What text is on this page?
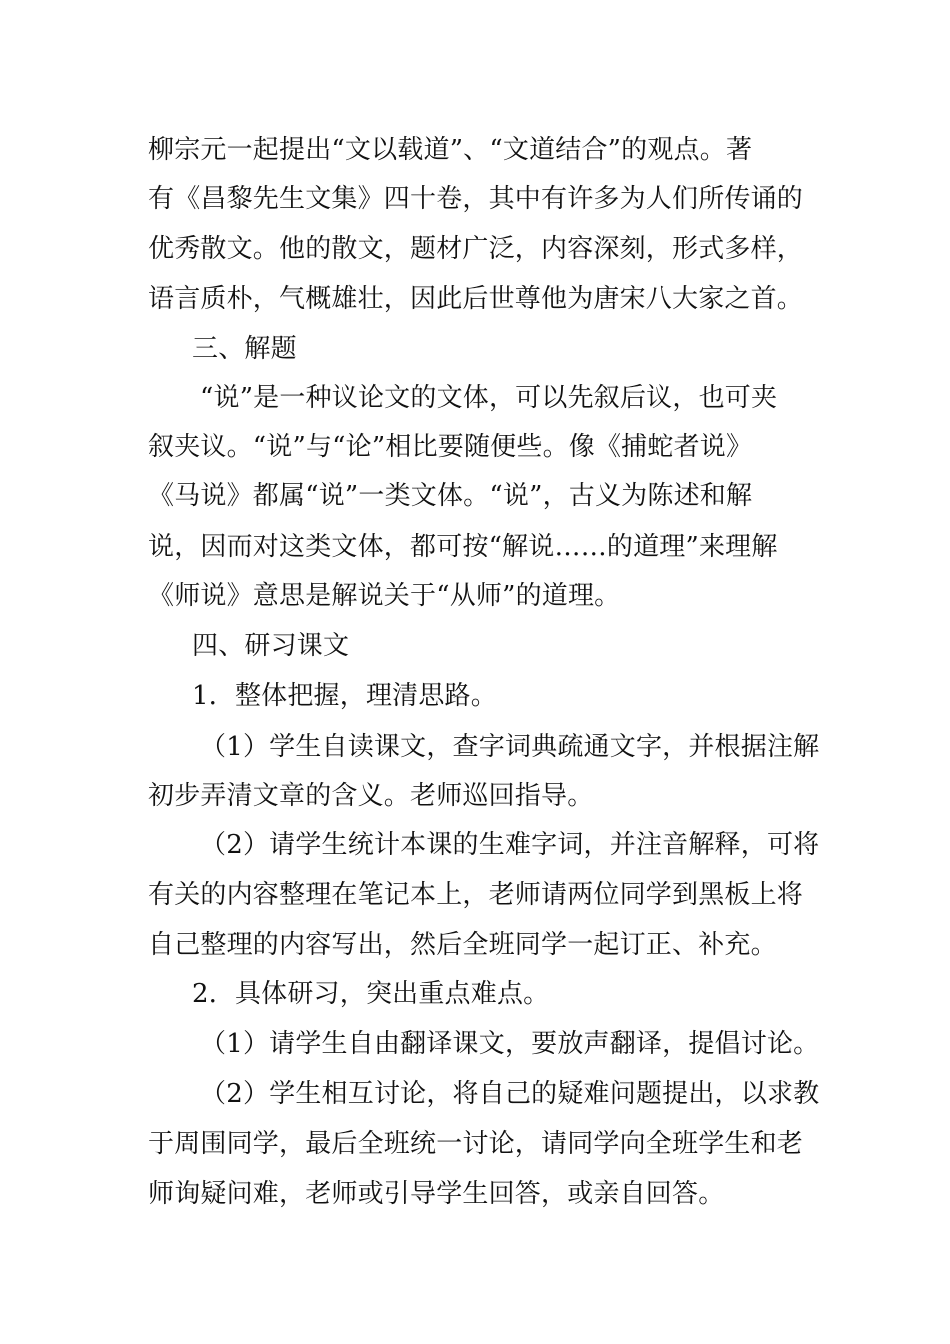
柳宗元一起提出“文以载道”、“文道结合”的观点。著
有《昌黎先生文集》四十卷，其中有许多为人们所传诵的
优秀散文。他的散文，题材广泛，内容深刻，形式多样，
语言质朴，气概雄壮，因此后世尊他为唐宋八大家之首。
三、解题
“说”是一种议论文的文体，可以先叙后议，也可夹
叙夹议。“说”与“论”相比要随便些。像《捕蛇者说》
《马说》都属“说”一类文体。“说”，古义为陈述和解
说，因而对这类文体，都可按“解说……的道理”来理解
《师说》意思是解说关于“从师”的道理。
四、研习课文
1．整体把握，理清思路。
（1）学生自读课文，查字词典疏通文字，并根据注解
初步弄清文章的含义。老师巡回指导。
（2）请学生统计本课的生难字词，并注音解释，可将
有关的内容整理在笔记本上，老师请两位同学到黑板上将
自己整理的内容写出，然后全班同学一起订正、补充。
2．具体研习，突出重点难点。
（1）请学生自由翻译课文，要放声翻译，提倡讨论。
（2）学生相互讨论，将自己的疑难问题提出，以求教
于周围同学，最后全班统一讨论，请同学向全班学生和老
师询疑问难，老师或引导学生回答，或亲自回答。
